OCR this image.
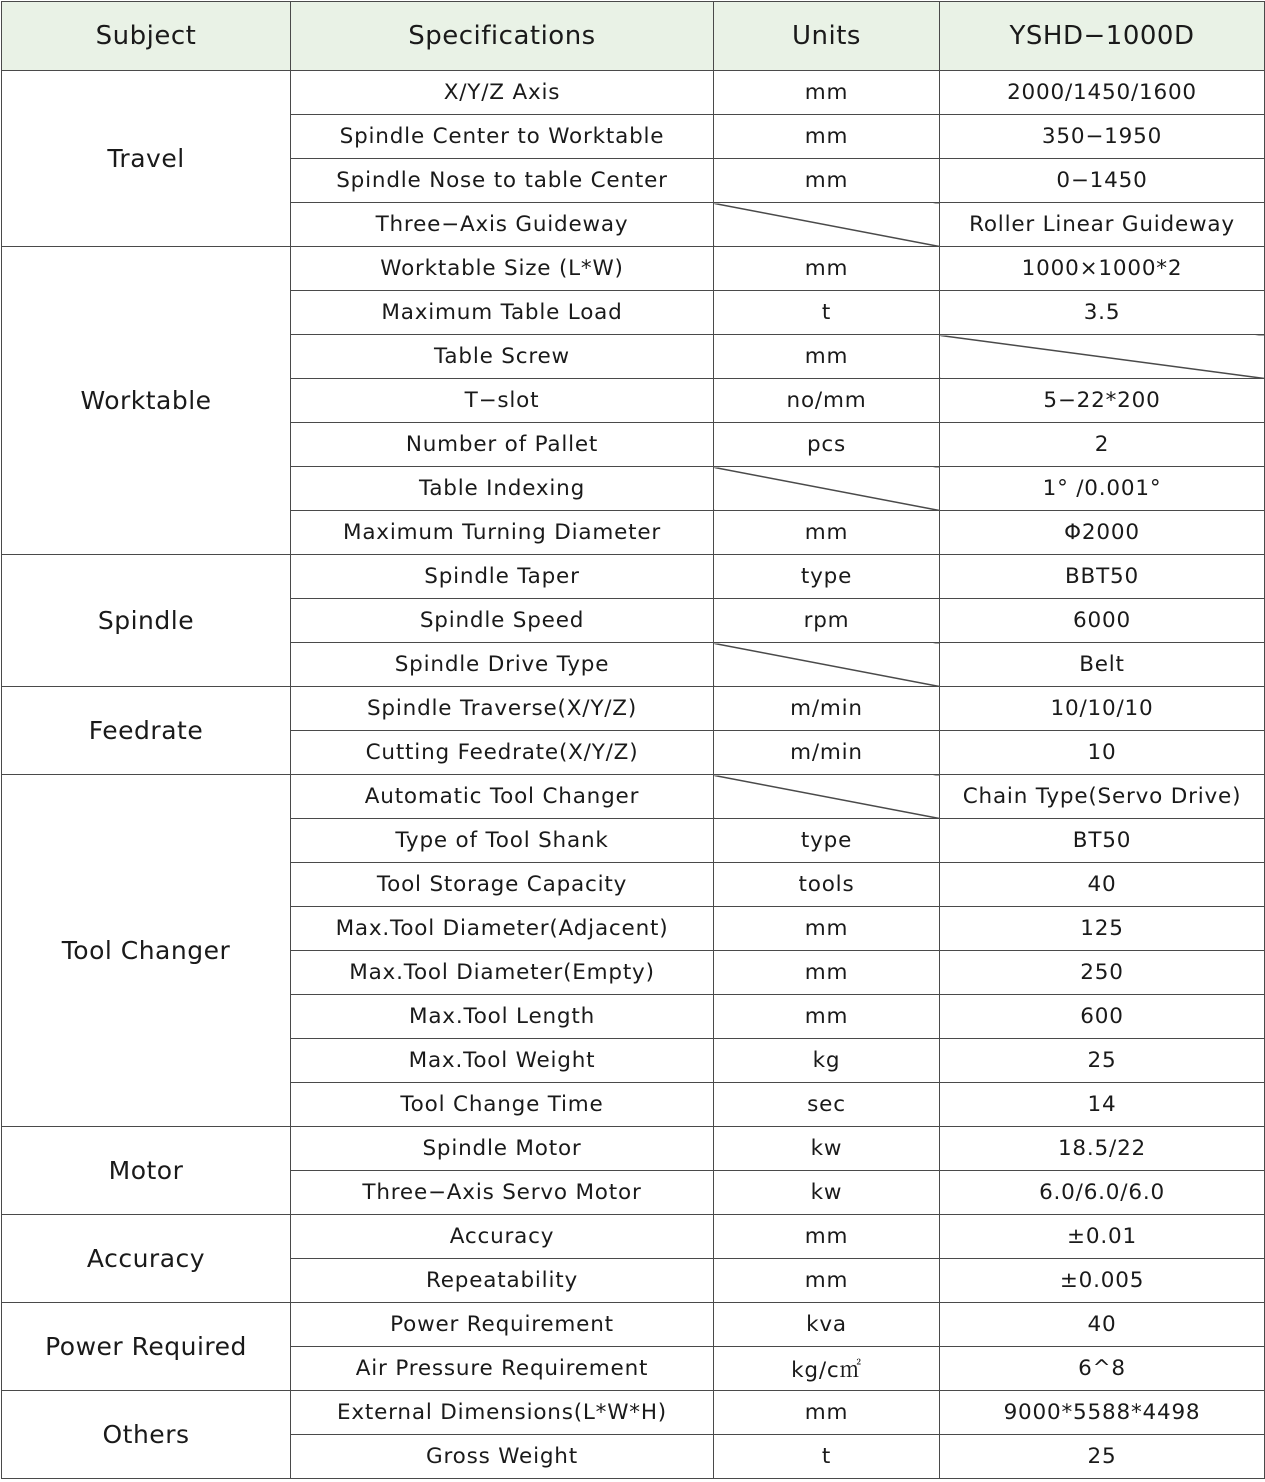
Subject	Specifications	Units	YSHD−1000D
Travel	X/Y/Z Axis	mm	2000/1450/1600
	Spindle Center to Worktable	mm	350−1950
	Spindle Nose to table Center	mm	0−1450
	Three−Axis Guideway		Roller Linear Guideway
Worktable	Worktable Size (L*W)	mm	1000×1000*2
	Maximum Table Load	t	3.5
	Table Screw	mm	
	T−slot	no/mm	5−22*200
	Number of Pallet	pcs	2
	Table Indexing		1° /0.001°
	Maximum Turning Diameter	mm	Φ2000
Spindle	Spindle Taper	type	BBT50
	Spindle Speed	rpm	6000
	Spindle Drive Type		Belt
Feedrate	Spindle Traverse(X/Y/Z)	m/min	10/10/10
	Cutting Feedrate(X/Y/Z)	m/min	10
Tool Changer	Automatic Tool Changer		Chain Type(Servo Drive)
	Type of Tool Shank	type	BT50
	Tool Storage Capacity	tools	40
	Max.Tool Diameter(Adjacent)	mm	125
	Max.Tool Diameter(Empty)	mm	250
	Max.Tool Length	mm	600
	Max.Tool Weight	kg	25
	Tool Change Time	sec	14
Motor	Spindle Motor	kw	18.5/22
	Three−Axis Servo Motor	kw	6.0/6.0/6.0
Accuracy	Accuracy	mm	±0.01
	Repeatability	mm	±0.005
Power Required	Power Requirement	kva	40
	Air Pressure Requirement	kg/c㎡	6^8
Others	External Dimensions(L*W*H)	mm	9000*5588*4498
	Gross Weight	t	25
